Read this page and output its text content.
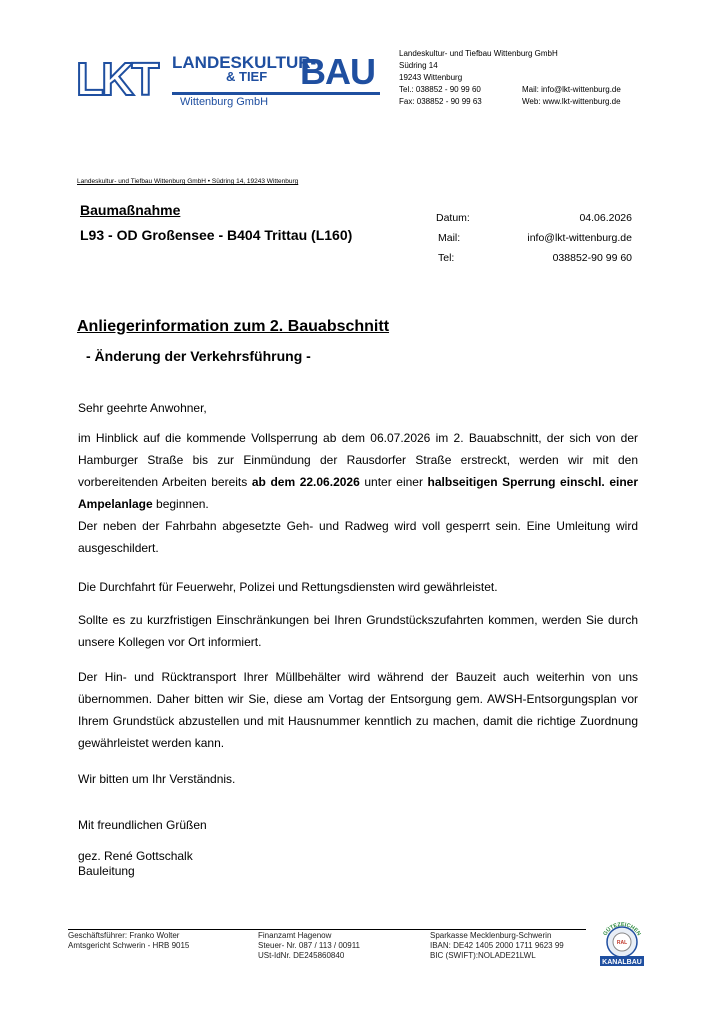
LKT LANDESKULTUR-
& TIEF BAU
Wittenburg GmbH
Landeskultur- und Tiefbau Wittenburg GmbH
Südring 14
19243 Wittenburg
Tel.: 038852 - 90 99 60
Fax: 038852 - 90 99 63
Mail: info@lkt-wittenburg.de
Web: www.lkt-wittenburg.de
Landeskultur- und Tiefbau Wittenburg GmbH • Südring 14, 19243 Wittenburg
Baumaßnahme
L93 - OD Großensee - B404 Trittau (L160)
Datum:	04.06.2026
Mail:	info@lkt-wittenburg.de
Tel:	038852-90 99 60
Anliegerinformation zum 2. Bauabschnitt
- Änderung der Verkehrsführung -

Sehr geehrte Anwohner,

im Hinblick auf die kommende Vollsperrung ab dem 06.07.2026 im 2. Bauabschnitt, der sich von der Hamburger Straße bis zur Einmündung der Rausdorfer Straße erstreckt, werden wir mit den vorbereitenden Arbeiten bereits ab dem 22.06.2026 unter einer halbseitigen Sperrung einschl. einer Ampelanlage beginnen.

Der neben der Fahrbahn abgesetzte Geh- und Radweg wird voll gesperrt sein. Eine Umleitung wird ausgeschildert.

Die Durchfahrt für Feuerwehr, Polizei und Rettungsdiensten wird gewährleistet.

Sollte es zu kurzfristigen Einschränkungen bei Ihren Grundstückszufahrten kommen, werden Sie durch unsere Kollegen vor Ort informiert.

Der Hin- und Rücktransport Ihrer Müllbehälter wird während der Bauzeit auch weiterhin von uns übernommen. Daher bitten wir Sie, diese am Vortag der Entsorgung gem. AWSH-Entsorgungsplan vor Ihrem Grundstück abzustellen und mit Hausnummer kenntlich zu machen, damit die richtige Zuordnung gewährleistet werden kann.

Wir bitten um Ihr Verständnis.

Mit freundlichen Grüßen
gez. René Gottschalk
Bauleitung
Geschäftsführer: Franko Wolter
Amtsgericht Schwerin - HRB 9015
Finanzamt Hagenow
Steuer- Nr. 087 / 113 / 00911
USt-IdNr. DE245860840
Sparkasse Mecklenburg-Schwerin
IBAN: DE42 1405 2000 1711 9623 99
BIC (SWIFT):NOLADE21LWL
RAL
GÜTEZEICHEN
KANALBAU
